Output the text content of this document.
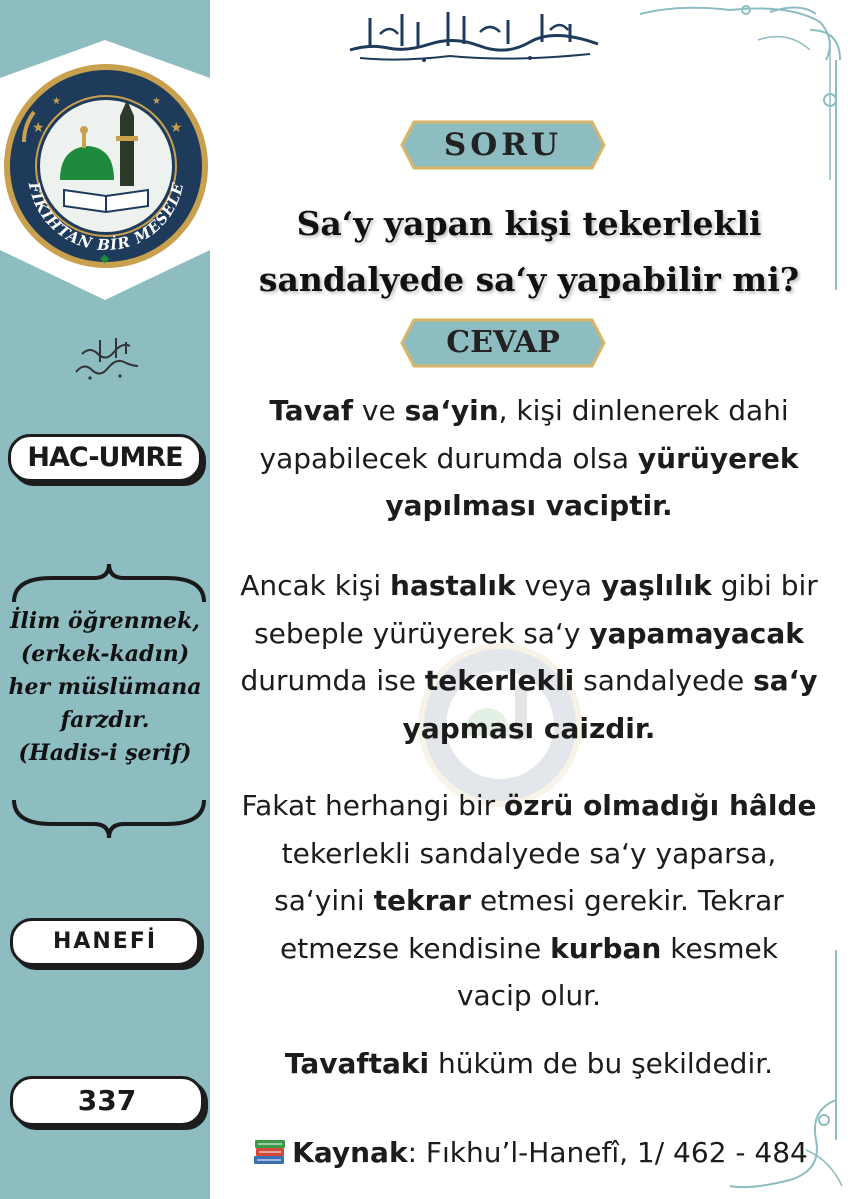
★	★
★	★
◆
FIKIHTAN BİR MESELE
HAC-UMRE
İlim öğrenmek,
(erkek-kadın)
her müslümana
farzdır.
(Hadis-i şerif)
HANEFİ
337
SORU
Sa‘y yapan kişi tekerlekli
sandalyede sa‘y yapabilir mi?
CEVAP
Tavaf ve sa‘yin, kişi dinlenerek dahi
yapabilecek durumda olsa yürüyerek
yapılması vaciptir.
Ancak kişi hastalık veya yaşlılık gibi bir
sebeple yürüyerek sa‘y yapamayacak
durumda ise tekerlekli sandalyede sa‘y
yapması caizdir.
Fakat herhangi bir özrü olmadığı hâlde
tekerlekli sandalyede sa‘y yaparsa,
sa‘yini tekrar etmesi gerekir. Tekrar
etmezse kendisine kurban kesmek
vacip olur.
Tavaftaki hüküm de bu şekildedir.
Kaynak: Fıkhu’l-Hanefî, 1/ 462 - 484
